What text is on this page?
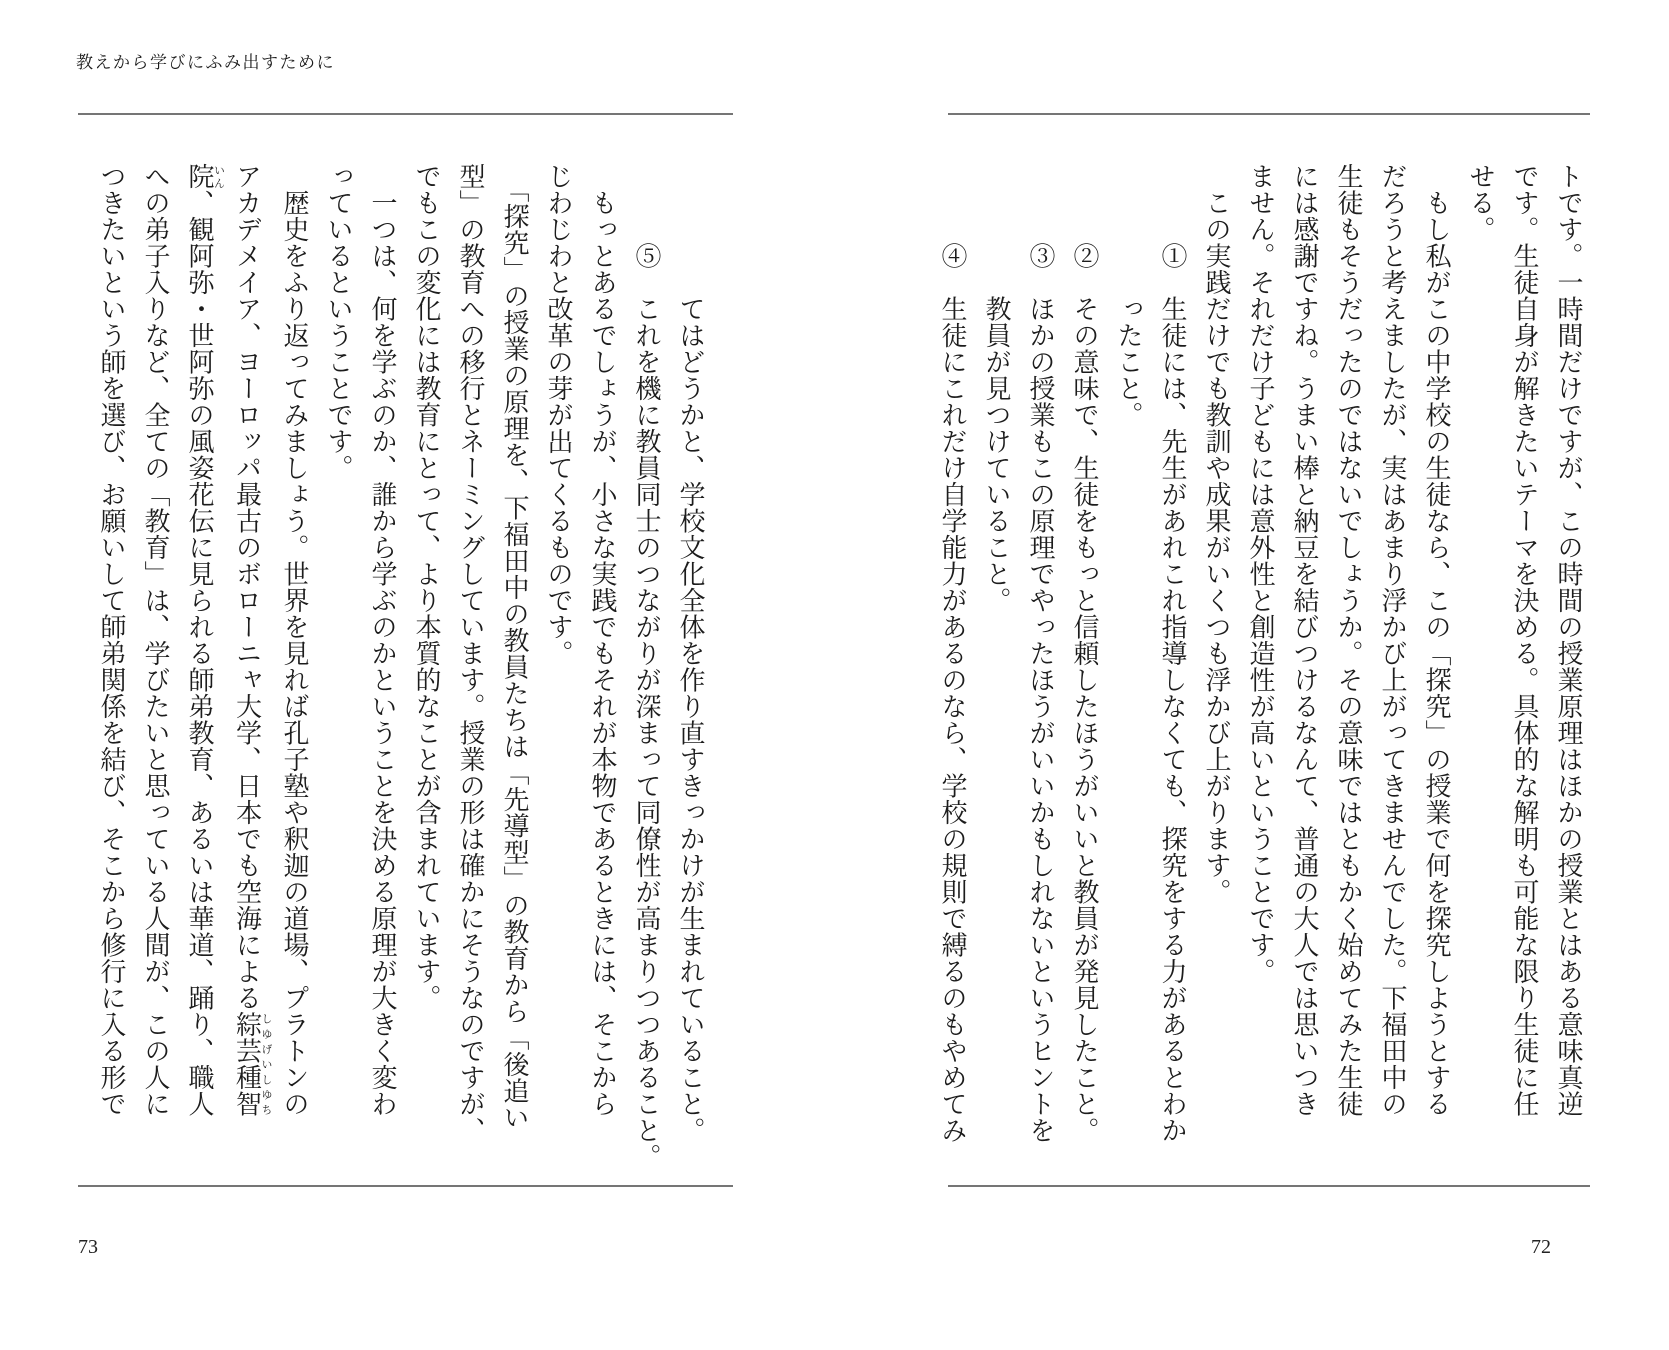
教えから学びにふみ出すために
トです。一時間だけですが、この時間の授業原理はほかの授業とはある意味真逆
です。生徒自身が解きたいテーマを決める。具体的な解明も可能な限り生徒に任
せる。
　もし私がこの中学校の生徒なら、この「探究」の授業で何を探究しようとする
だろうと考えましたが、実はあまり浮かび上がってきませんでした。下福田中の
生徒もそうだったのではないでしょうか。その意味ではともかく始めてみた生徒
には感謝ですね。うまい棒と納豆を結びつけるなんて、普通の大人では思いつき
ません。それだけ子どもには意外性と創造性が高いということです。
　この実践だけでも教訓や成果がいくつも浮かび上がります。
　　　①　生徒には、先生があれこれ指導しなくても、探究をする力があるとわか
　　　　　ったこと。
　　　②　その意味で、生徒をもっと信頼したほうがいいと教員が発見したこと。
　　　③　ほかの授業もこの原理でやったほうがいいかもしれないというヒントを
　　　　　教員が見つけていること。
　　　④　生徒にこれだけ自学能力があるのなら、学校の規則で縛るのもやめてみ
　　　　　てはどうかと、学校文化全体を作り直すきっかけが生まれていること。
　　　⑤　これを機に教員同士のつながりが深まって同僚性が高まりつつあること。
　もっとあるでしょうが、小さな実践でもそれが本物であるときには、そこから
じわじわと改革の芽が出てくるものです。
　「探究」の授業の原理を、下福田中の教員たちは「先導型」の教育から「後追い
型」の教育への移行とネーミングしています。授業の形は確かにそうなのですが、
でもこの変化には教育にとって、より本質的なことが含まれています。
　一つは、何を学ぶのか、誰から学ぶのかということを決める原理が大きく変わ
っているということです。
　歴史をふり返ってみましょう。世界を見れば孔子塾や釈迦の道場、プラトンの
アカデメイア、ヨーロッパ最古のボローニャ大学、日本でも空海による綜芸種智しゆげいしゆち
院いん、観阿弥・世阿弥の風姿花伝に見られる師弟教育、あるいは華道、踊り、職人
への弟子入りなど、全ての「教育」は、学びたいと思っている人間が、この人に
つきたいという師を選び、お願いして師弟関係を結び、そこから修行に入る形で
73	72
